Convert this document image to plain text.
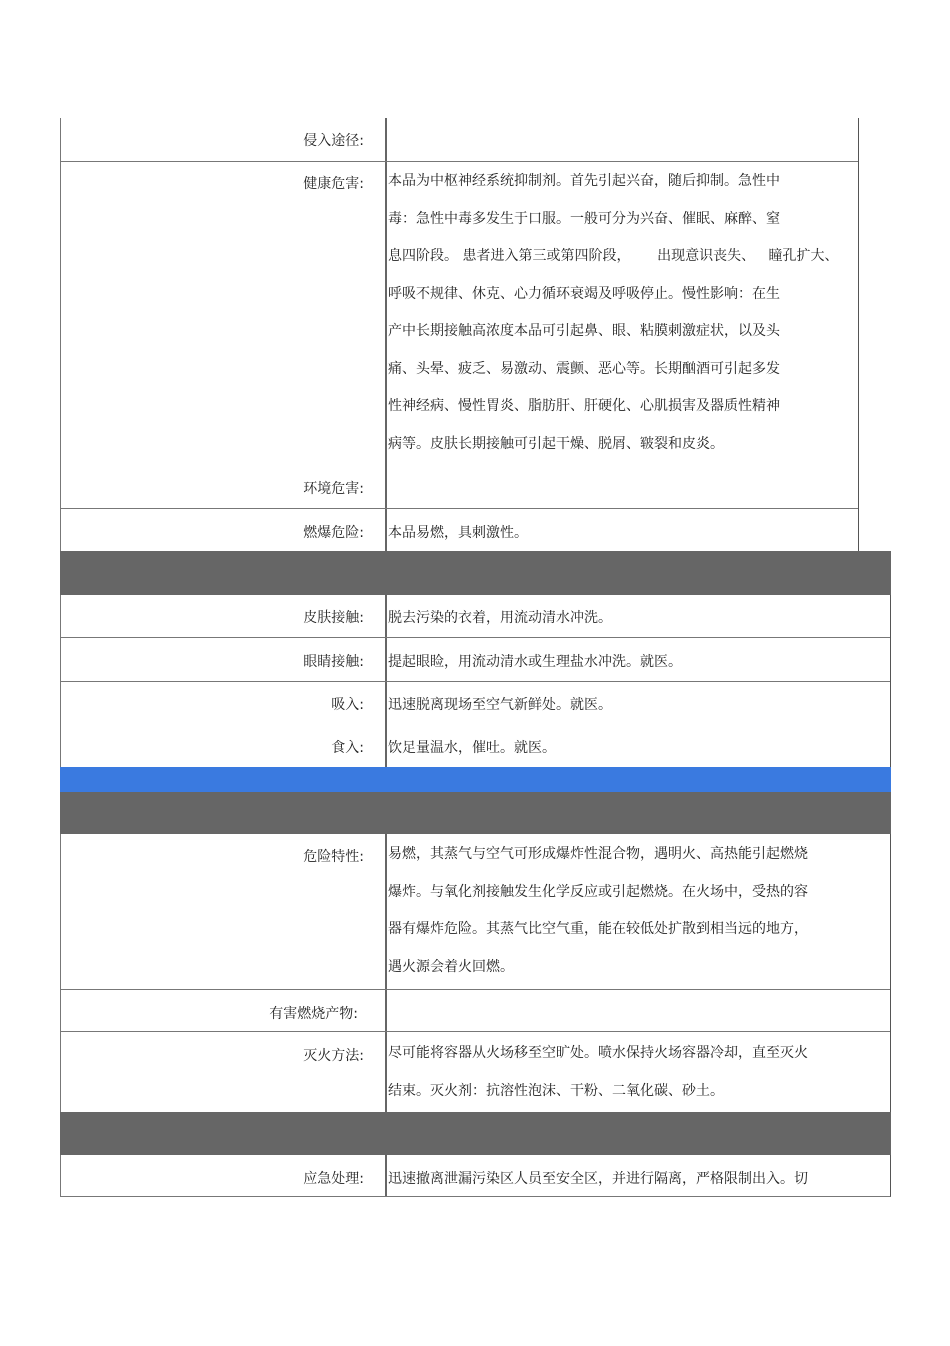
侵入途径:
健康危害: 本品为中枢神经系统抑制剂。首先引起兴奋，随后抑制。急性中
毒：急性中毒多发生于口服。一般可分为兴奋、催眠、麻醉、窒
息四阶段。 患者进入第三或第四阶段，      出现意识丧失、   瞳孔扩大、
呼吸不规律、休克、心力循环衰竭及呼吸停止。慢性影响：在生
产中长期接触高浓度本品可引起鼻、眼、粘膜刺激症状，以及头
痛、头晕、疲乏、易激动、震颤、恶心等。长期酗酒可引起多发
性神经病、慢性胃炎、脂肪肝、肝硬化、心肌损害及器质性精神
病等。皮肤长期接触可引起干燥、脱屑、皲裂和皮炎。
环境危害:
燃爆危险: 本品易燃，具刺激性。
皮肤接触: 脱去污染的衣着，用流动清水冲洗。
眼睛接触: 提起眼睑，用流动清水或生理盐水冲洗。就医。
吸入: 迅速脱离现场至空气新鲜处。就医。
食入: 饮足量温水，催吐。就医。
危险特性: 易燃，其蒸气与空气可形成爆炸性混合物，遇明火、高热能引起燃烧
爆炸。与氧化剂接触发生化学反应或引起燃烧。在火场中，受热的容
器有爆炸危险。其蒸气比空气重，能在较低处扩散到相当远的地方，
遇火源会着火回燃。
有害燃烧产物:
灭火方法: 尽可能将容器从火场移至空旷处。喷水保持火场容器冷却，直至灭火
结束。灭火剂：抗溶性泡沫、干粉、二氧化碳、砂土。
应急处理: 迅速撤离泄漏污染区人员至安全区，并进行隔离，严格限制出入。切
